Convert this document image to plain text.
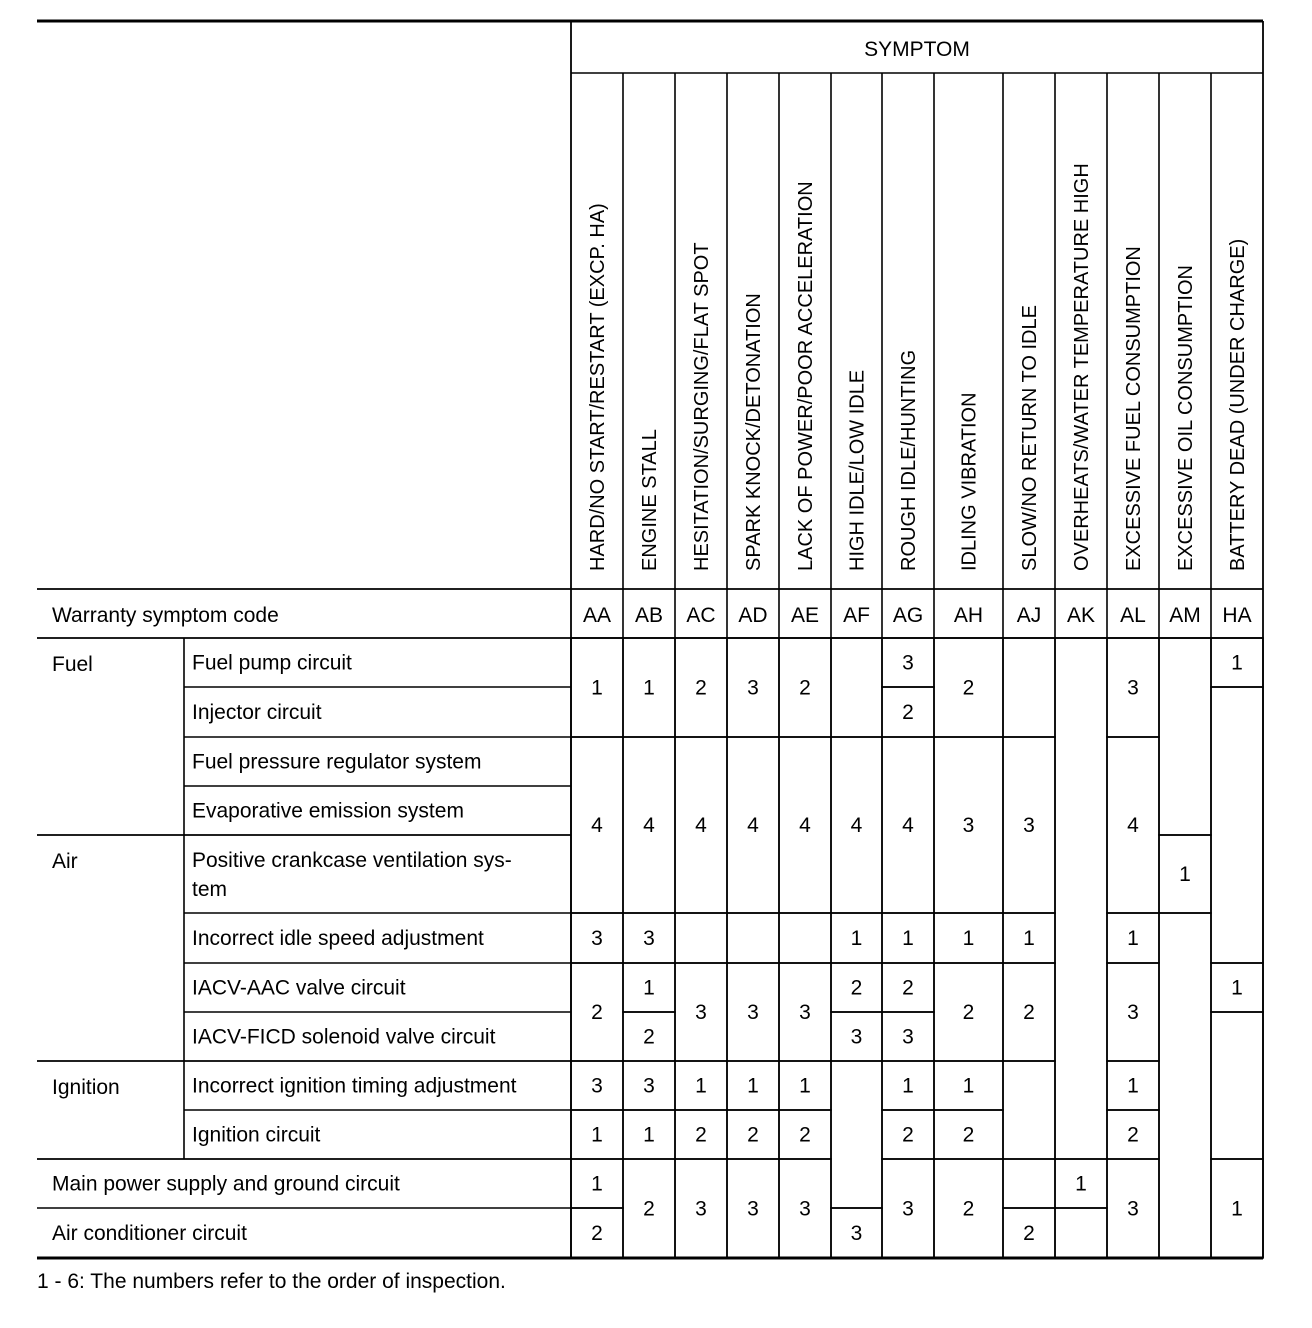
SYMPTOM
HARD/NO START/RESTART (EXCP. HA)
AA
ENGINE STALL
AB
HESITATION/SURGING/FLAT SPOT
AC
SPARK KNOCK/DETONATION
AD
LACK OF POWER/POOR ACCELERATION
AE
HIGH IDLE/LOW IDLE
AF
ROUGH IDLE/HUNTING
AG
IDLING VIBRATION
AH
SLOW/NO RETURN TO IDLE
AJ
OVERHEATS/WATER TEMPERATURE HIGH
AK
EXCESSIVE FUEL CONSUMPTION
AL
EXCESSIVE OIL CONSUMPTION
AM
BATTERY DEAD (UNDER CHARGE)
HA
Warranty symptom code
Fuel
Air
Ignition
Fuel pump circuit
Injector circuit
Fuel pressure regulator system
Evaporative emission system
Positive crankcase ventilation sys-
tem
Incorrect idle speed adjustment
IACV-AAC valve circuit
IACV-FICD solenoid valve circuit
Incorrect ignition timing adjustment
Ignition circuit
Main power supply and ground circuit
Air conditioner circuit
1
4
3
2
3
1
1
2
1
4
3
1
2
3
1
2
2
4
3
1
2
3
3
4
3
1
2
3
2
4
3
1
2
3
4
1
2
3
3
3
2
4
1
2
3
1
2
3
2
3
1
2
1
2
2
3
1
2
2
1
3
4
1
3
1
2
3
1
1
1
1
1 - 6: The numbers refer to the order of inspection.
